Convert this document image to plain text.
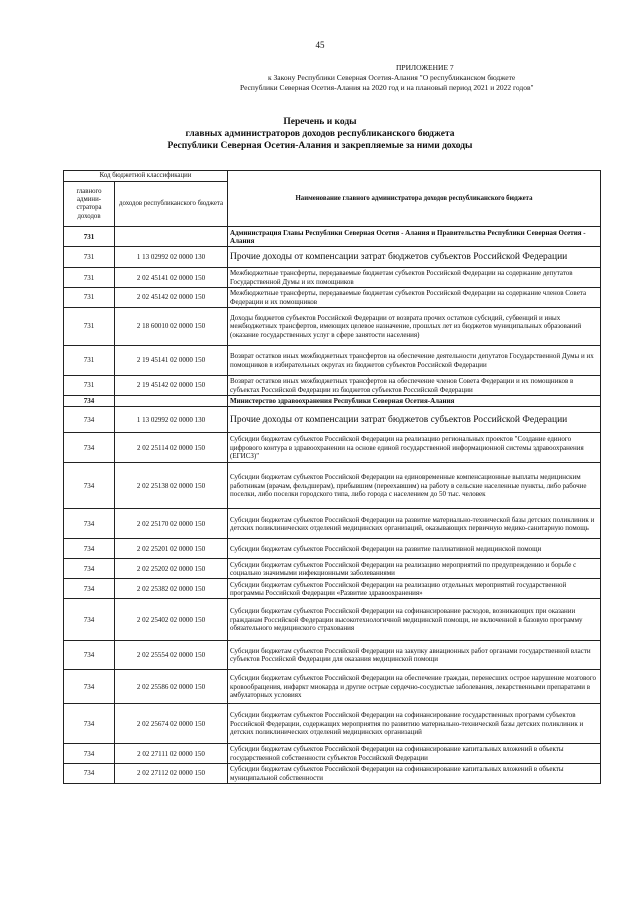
45
ПРИЛОЖЕНИЕ 7
к Закону Республики Северная Осетия-Алания "О республиканском бюджете
Республики Северная Осетия-Алания на 2020 год и на плановый период 2021 и 2022 годов"
Перечень и коды
главных администраторов доходов республиканского бюджета
Республики Северная Осетия-Алания и закрепляемые за ними доходы
Код бюджетной классификации		Наименование главного администратора доходов республиканского бюджета
главного админи-стратора доходов	доходов республиканского бюджета	
731		Администрация Главы Республики Северная Осетия - Алания и Правительства Республики Северная Осетия - Алания
731	1 13 02992 02 0000 130	Прочие доходы от компенсации затрат бюджетов субъектов Российской Федерации
731	2 02 45141 02 0000 150	Межбюджетные трансферты, передаваемые бюджетам субъектов Российской Федерации на содержание депутатов Государственной Думы и их помощников
731	2 02 45142 02 0000 150	Межбюджетные трансферты, передаваемые бюджетам субъектов Российской Федерации на содержание членов Совета Федерации и их помощников
731	2 18 60010 02 0000 150	Доходы бюджетов субъектов Российской Федерации от возврата прочих остатков субсидий, субвенций и иных межбюджетных трансфертов, имеющих целевое назначение, прошлых лет из бюджетов муниципальных образований (оказание государственных услуг в сфере занятости населения)
731	2 19 45141 02 0000 150	Возврат остатков иных межбюджетных трансфертов на обеспечение деятельности депутатов Государственной Думы и их помощников в избирательных округах из бюджетов субъектов Российской Федерации
731	2 19 45142 02 0000 150	Возврат остатков иных межбюджетных трансфертов на обеспечение членов Совета Федерации и их помощников в субъектах Российской Федерации из бюджетов субъектов Российской Федерации
734		Министерство здравоохранения Республики Северная Осетия-Алания
734	1 13 02992 02 0000 130	Прочие доходы от компенсации затрат бюджетов субъектов Российской Федерации
734	2 02 25114 02 0000 150	Субсидии бюджетам субъектов Российской Федерации на реализацию региональных проектов "Создание единого цифрового контура в здравоохранении на основе единой государственной информационной системы здравоохранения (ЕГИСЗ)"
734	2 02 25138 02 0000 150	Субсидии бюджетам субъектов Российской Федерации на единовременные компенсационные выплаты медицинским работникам (врачам, фельдшерам), прибывшим (переехавшим) на работу в сельские населенные пункты, либо рабочие поселки, либо поселки городского типа, либо города с населением до 50 тыс. человек
734	2 02 25170 02 0000 150	Субсидии бюджетам субъектов Российской Федерации на развитие материально-технической базы детских поликлиник и детских поликлинических отделений медицинских организаций, оказывающих первичную медико-санитарную помощь
734	2 02 25201 02 0000 150	Субсидии бюджетам субъектов Российской Федерации на развитие паллиативной медицинской помощи
734	2 02 25202 02 0000 150	Субсидии бюджетам субъектов Российской Федерации на реализацию мероприятий по предупреждению и борьбе с социально значимыми инфекционными заболеваниями
734	2 02 25382 02 0000 150	Субсидии бюджетам субъектов Российской Федерации на реализацию отдельных мероприятий государственной программы Российской Федерации «Развитие здравоохранения»
734	2 02 25402 02 0000 150	Субсидии бюджетам субъектов Российской Федерации на софинансирование расходов, возникающих при оказании гражданам Российской Федерации высокотехнологичной медицинской помощи, не включенной в базовую программу обязательного медицинского страхования
734	2 02 25554 02 0000 150	Субсидии бюджетам субъектов Российской Федерации на закупку авиационных работ органами государственной власти субъектов Российской Федерации для оказания медицинской помощи
734	2 02 25586 02 0000 150	Субсидии бюджетам субъектов Российской Федерации на обеспечение граждан, перенесших острое нарушение мозгового кровообращения, инфаркт миокарда и другие острые сердечно-сосудистые заболевания, лекарственными препаратами в амбулаторных условиях
734	2 02 25674 02 0000 150	Субсидии бюджетам субъектов Российской Федерации на софинансирование государственных программ субъектов Российской Федерации, содержащих мероприятия по развитию материально-технической базы детских поликлиник и детских поликлинических отделений медицинских организаций
734	2 02 27111 02 0000 150	Субсидии бюджетам субъектов Российской Федерации на софинансирование капитальных вложений в объекты государственной собственности субъектов Российской Федерации
734	2 02 27112 02 0000 150	Субсидии бюджетам субъектов Российской Федерации на софинансирование капитальных вложений в объекты муниципальной собственности
